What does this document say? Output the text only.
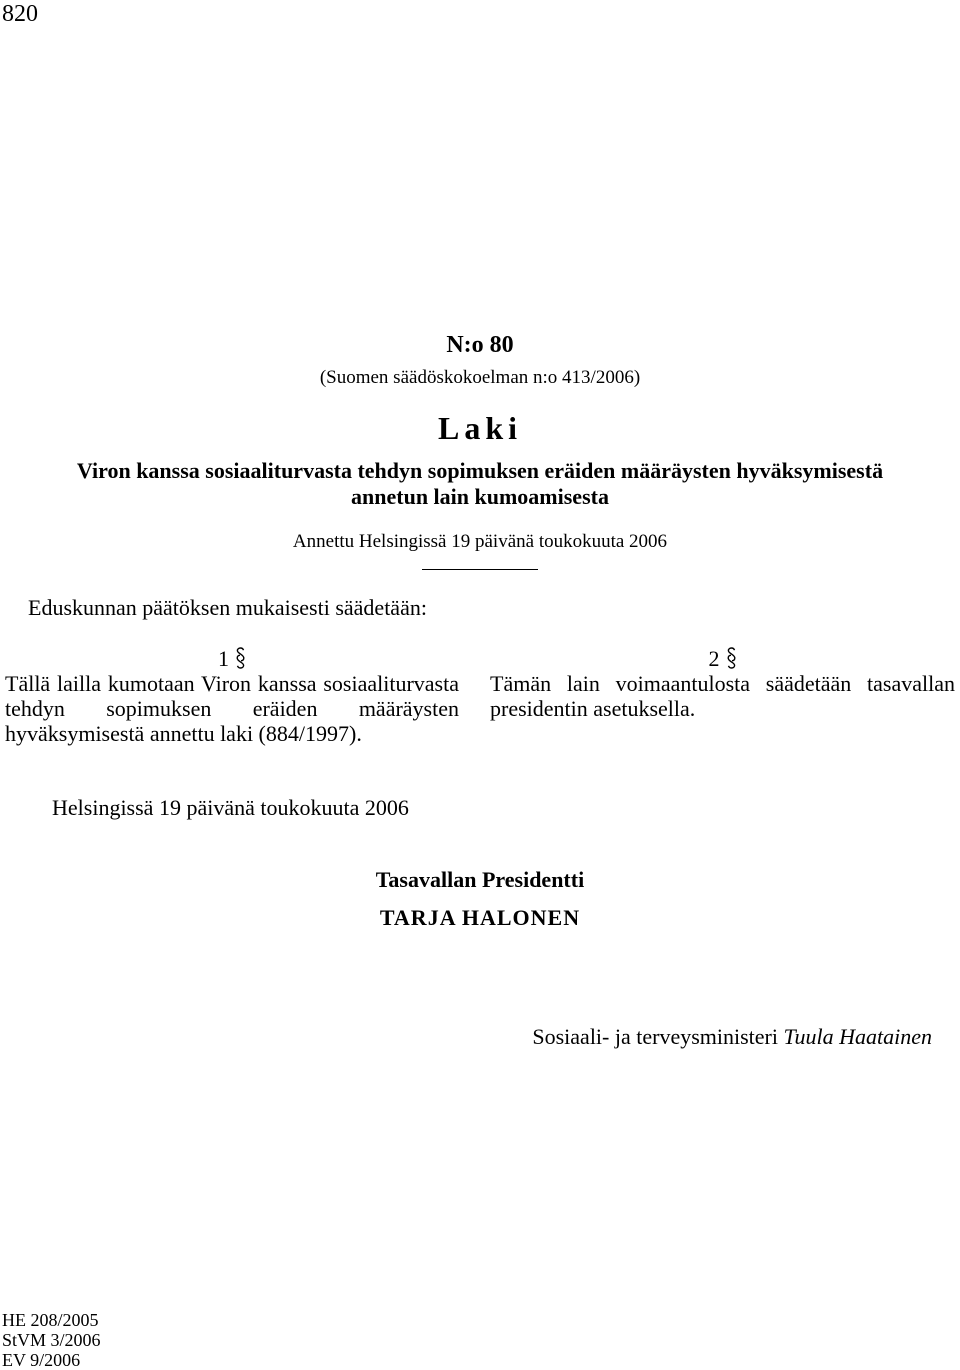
820
N:o 80
(Suomen säädöskokoelman n:o 413/2006)
Laki
Viron kanssa sosiaaliturvasta tehdyn sopimuksen eräiden määräysten hyväksymisestä
annetun lain kumoamisesta
Annettu Helsingissä 19 päivänä toukokuuta 2006
Eduskunnan päätöksen mukaisesti säädetään:
1
Tällä lailla kumotaan Viron kanssa sosiaaliturvasta tehdyn sopimuksen eräiden määräysten hyväksymisestä annettu laki (884/1997).
2
Tämän lain voimaantulosta säädetään tasavallan presidentin asetuksella.
Helsingissä 19 päivänä toukokuuta 2006
Tasavallan Presidentti
TARJA HALONEN
Sosiaali- ja terveysministeri Tuula Haatainen
HE 208/2005
StVM 3/2006
EV 9/2006
